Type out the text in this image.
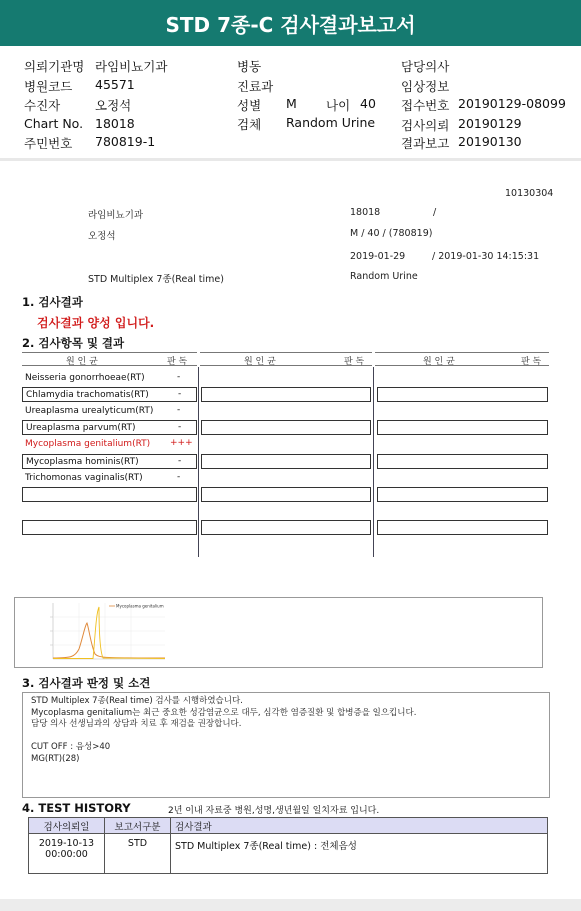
STD 7종-C 검사결과보고서
의뢰기관명 라임비뇨기과
병원코드 45571
수진자	오정석
Chart No. 18018
주민번호 780819-1
병동
진료과
성별 M 나이 40
검체 Random Urine
담당의사
임상정보
접수번호 20190129-08099
검사의뢰 20190129
결과보고 20190130
10130304
라임비뇨기과	18018	/
오정석	M / 40 / (780819)
2019-01-29	/ 2019-01-30 14:15:31
STD Multiplex 7종(Real time)	Random Urine
1. 검사결과
검사결과 양성 입니다.
2. 검사항목 및 결과
원 인 균	판 독	원 인 균	판 독	원 인 균	판 독
Neisseria gonorrhoeae(RT)	-
Chlamydia trachomatis(RT)	-
Ureaplasma urealyticum(RT)	-
Ureaplasma parvum(RT)	-
Mycoplasma genitalium(RT) +++
Mycoplasma hominis(RT)	-
Trichomonas vaginalis(RT)	-
Mycoplasma genitalium
3. 검사결과 판정 및 소견
STD Multiplex 7종(Real time) 검사를 시행하였습니다.
Mycoplasma genitalium는 최근 중요한 성감염균으로 대두, 심각한 염증질환 및 합병증을 일으킵니다.
담당 의사 선생님과의 상담과 치료 후 재검을 권장합니다.
CUT OFF : 음성>40
MG(RT)(28)
4. TEST HISTORY	2년 이내 자료중 병원,성명,생년월일 일치자료 입니다.
검사의뢰일	보고서구분	검사결과

2019-10-13
00:00:00	STD	STD Multiplex 7종(Real time) : 전체음성
